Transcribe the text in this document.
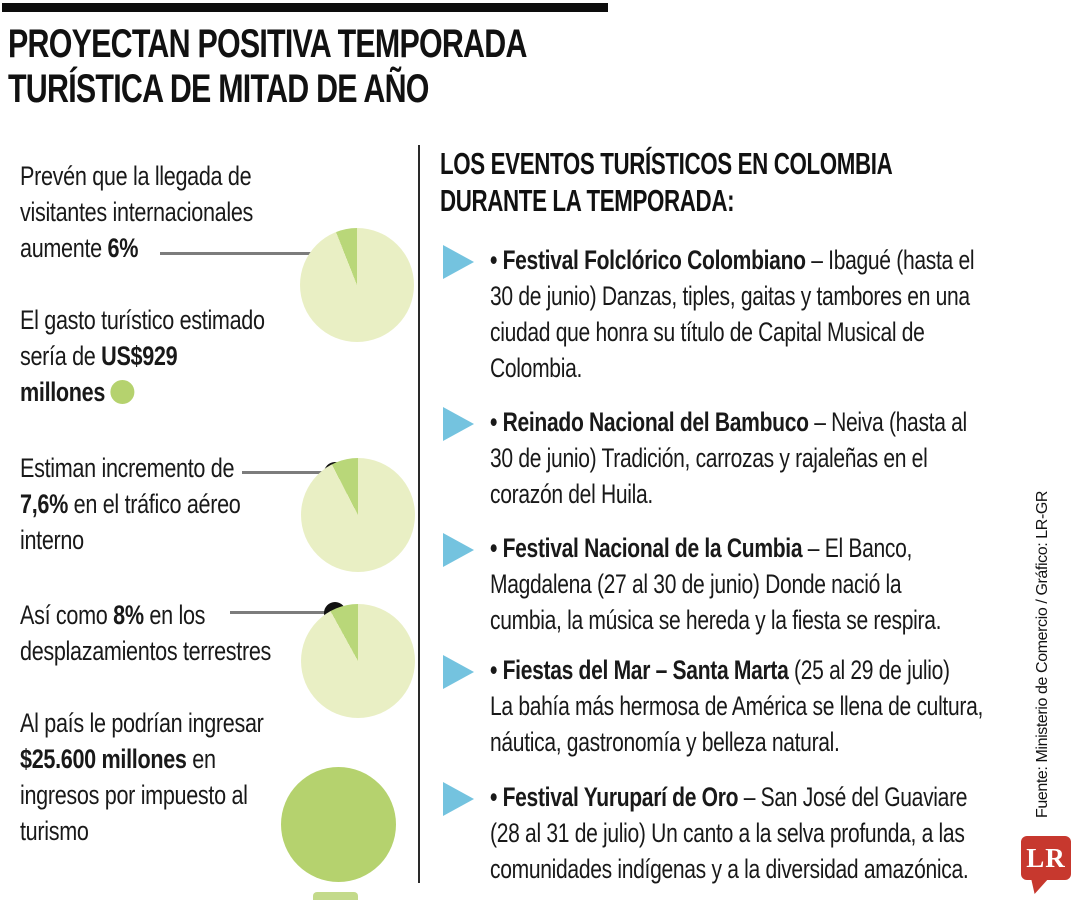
PROYECTAN POSITIVA TEMPORADA
TURÍSTICA DE MITAD DE AÑO
Prevén que la llegada de
visitantes internacionales
aumente 6%
El gasto turístico estimado
sería de US$929
millones
Estiman incremento de
7,6% en el tráfico aéreo
interno
Así como 8% en los
desplazamientos terrestres
Al país le podrían ingresar
$25.600 millones en
ingresos por impuesto al
turismo
LOS EVENTOS TURÍSTICOS EN COLOMBIA
DURANTE LA TEMPORADA:
• Festival Folclórico Colombiano – Ibagué (hasta el
30 de junio) Danzas, tiples, gaitas y tambores en una
ciudad que honra su título de Capital Musical de
Colombia.
• Reinado Nacional del Bambuco – Neiva (hasta al
30 de junio) Tradición, carrozas y rajaleñas en el
corazón del Huila.
• Festival Nacional de la Cumbia – El Banco,
Magdalena (27 al 30 de junio) Donde nació la
cumbia, la música se hereda y la fiesta se respira.
• Fiestas del Mar – Santa Marta (25 al 29 de julio)
La bahía más hermosa de América se llena de cultura,
náutica, gastronomía y belleza natural.
• Festival Yuruparí de Oro – San José del Guaviare
(28 al 31 de julio) Un canto a la selva profunda, a las
comunidades indígenas y a la diversidad amazónica.
Fuente: Ministerio de Comercio / Gráfico: LR-GR
LR
